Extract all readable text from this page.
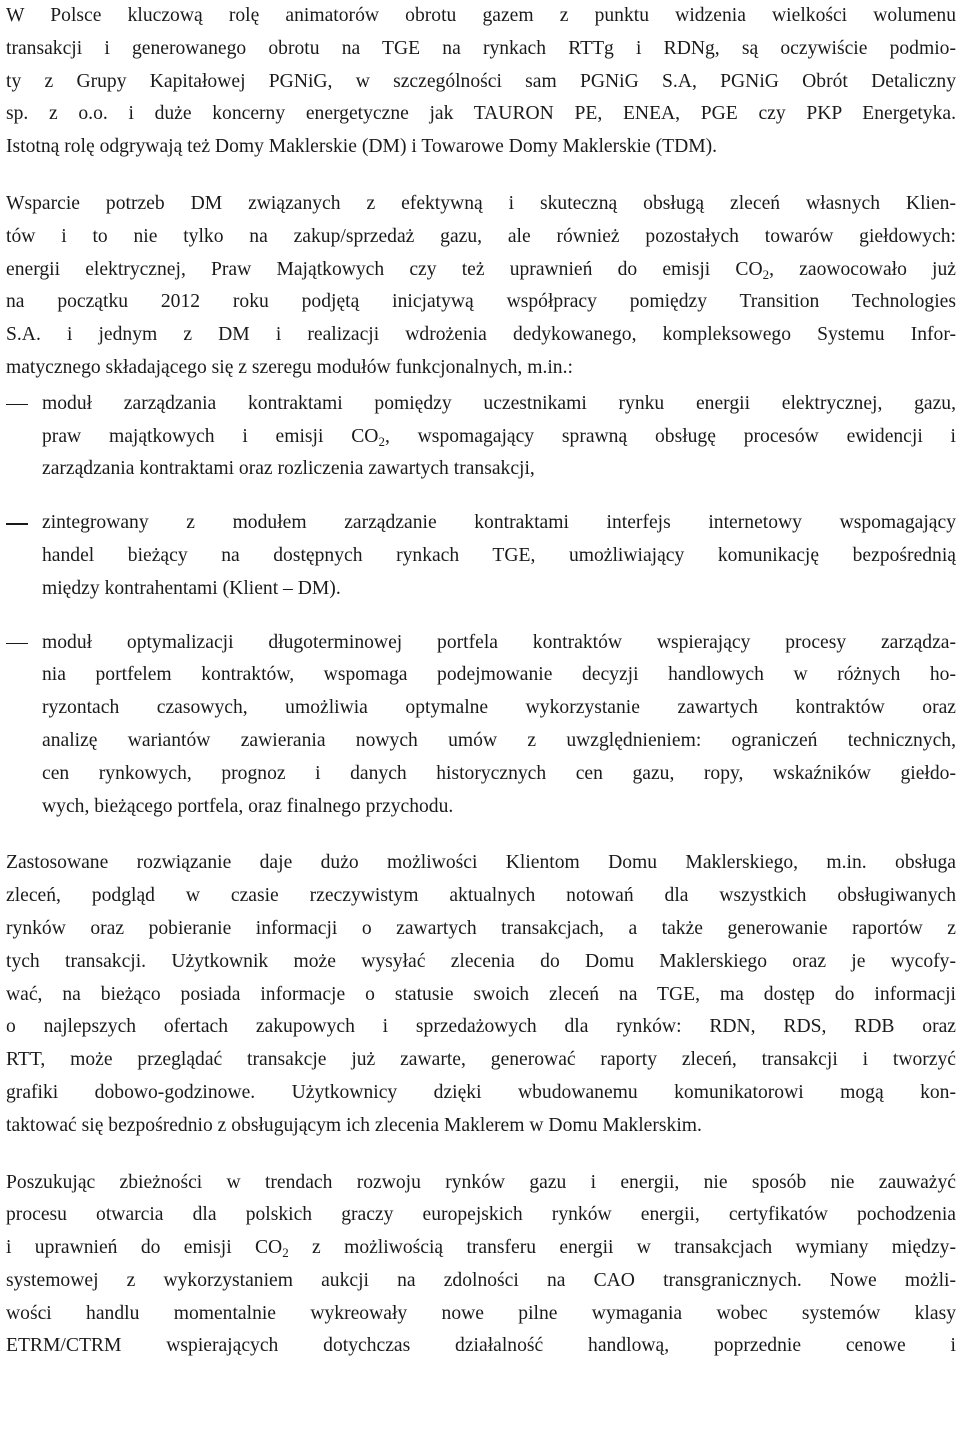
W Polsce kluczową rolę animatorów obrotu gazem z punktu widzenia wielkości wolumenu
transakcji i generowanego obrotu na TGE na rynkach RTTg i RDNg, są oczywiście podmio-
ty z Grupy Kapitałowej PGNiG, w szczególności sam PGNiG S.A, PGNiG Obrót Detaliczny
sp. z o.o. i duże koncerny energetyczne jak TAURON PE, ENEA, PGE czy PKP Energetyka.
Istotną rolę odgrywają też Domy Maklerskie (DM) i Towarowe Domy Maklerskie (TDM).
Wsparcie potrzeb DM związanych z efektywną i skuteczną obsługą zleceń własnych Klien-
tów i to nie tylko na zakup/sprzedaż gazu, ale również pozostałych towarów giełdowych:
energii elektrycznej, Praw Majątkowych czy też uprawnień do emisji $CO_2$, zaowocowało już
na początku 2012 roku podjętą inicjatywą współpracy pomiędzy Transition Technologies
S.A. i jednym z DM i realizacji wdrożenia dedykowanego, kompleksowego Systemu Infor-
matycznego składającego się z szeregu modułów funkcjonalnych, m.in.:
moduł zarządzania kontraktami pomiędzy uczestnikami rynku energii elektrycznej, gazu,
praw majątkowych i emisji $CO_2$, wspomagający sprawną obsługę procesów ewidencji i
zarządzania kontraktami oraz rozliczenia zawartych transakcji,
zintegrowany z modułem zarządzanie kontraktami interfejs internetowy wspomagający
handel bieżący na dostępnych rynkach TGE, umożliwiający komunikację bezpośrednią
między kontrahentami (Klient – DM).
moduł optymalizacji długoterminowej portfela kontraktów wspierający procesy zarządza-
nia portfelem kontraktów, wspomaga podejmowanie decyzji handlowych w różnych ho-
ryzontach czasowych, umożliwia optymalne wykorzystanie zawartych kontraktów oraz
analizę wariantów zawierania nowych umów z uwzględnieniem: ograniczeń technicznych,
cen rynkowych, prognoz i danych historycznych cen gazu, ropy, wskaźników giełdo-
wych, bieżącego portfela, oraz finalnego przychodu.
Zastosowane rozwiązanie daje dużo możliwości Klientom Domu Maklerskiego, m.in. obsługa
zleceń, podgląd w czasie rzeczywistym aktualnych notowań dla wszystkich obsługiwanych
rynków oraz pobieranie informacji o zawartych transakcjach, a także generowanie raportów z
tych transakcji. Użytkownik może wysyłać zlecenia do Domu Maklerskiego oraz je wycofy-
wać, na bieżąco posiada informacje o statusie swoich zleceń na TGE, ma dostęp do informacji
o najlepszych ofertach zakupowych i sprzedażowych dla rynków: RDN, RDS, RDB oraz
RTT, może przeglądać transakcje już zawarte, generować raporty zleceń, transakcji i tworzyć
grafiki dobowo-godzinowe. Użytkownicy dzięki wbudowanemu komunikatorowi mogą kon-
taktować się bezpośrednio z obsługującym ich zlecenia Maklerem w Domu Maklerskim.
Poszukując zbieżności w trendach rozwoju rynków gazu i energii, nie sposób nie zauważyć
procesu otwarcia dla polskich graczy europejskich rynków energii, certyfikatów pochodzenia
i uprawnień do emisji $CO_2$ z możliwością transferu energii w transakcjach wymiany między-
systemowej z wykorzystaniem aukcji na zdolności na CAO transgranicznych. Nowe możli-
wości handlu momentalnie wykreowały nowe pilne wymagania wobec systemów klasy
ETRM/CTRM wspierających dotychczas działalność handlową, poprzednie cenowe i
